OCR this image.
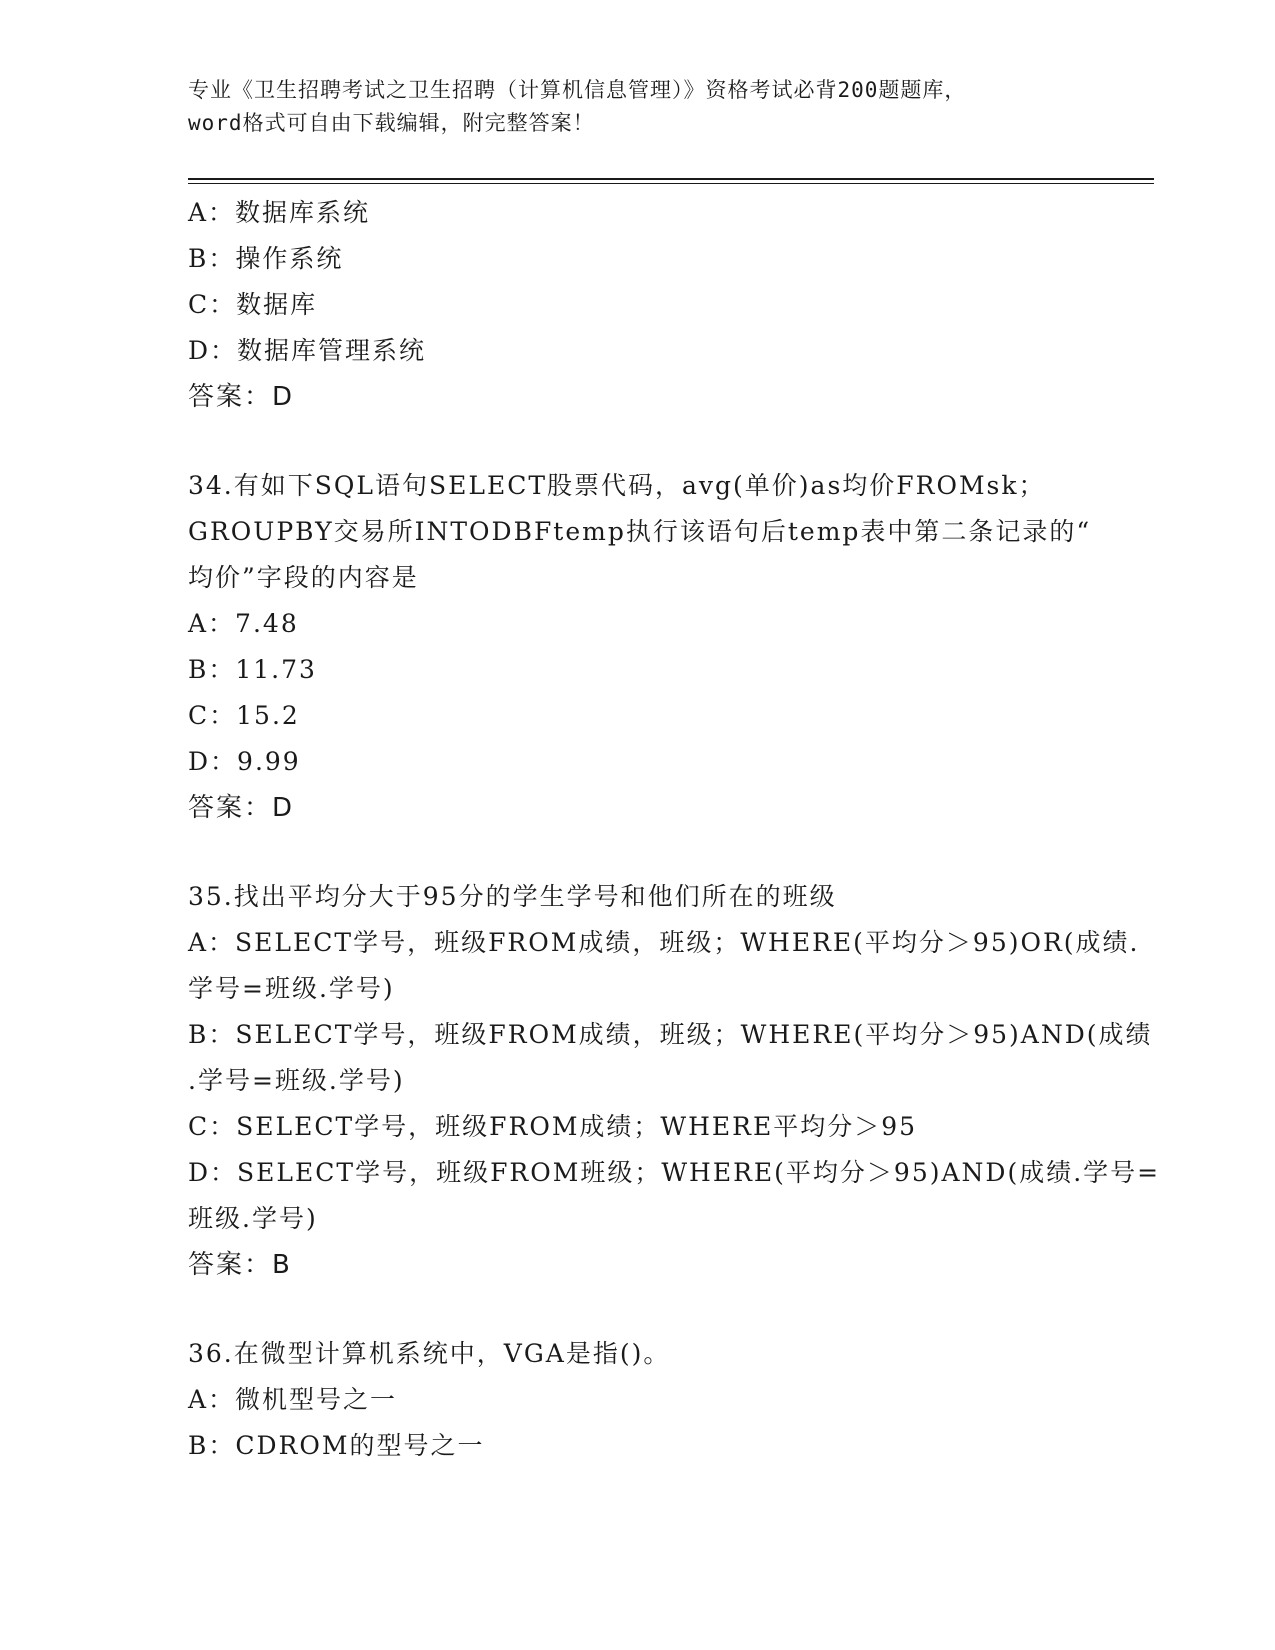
专业《卫生招聘考试之卫生招聘（计算机信息管理）》资格考试必背200题题库，
word格式可自由下载编辑，附完整答案！
A：数据库系统
B：操作系统
C：数据库
D：数据库管理系统
答案：D
34.有如下SQL语句SELECT股票代码，avg(单价)as均价FROMsk；
GROUPBY交易所INTODBFtemp执行该语句后temp表中第二条记录的“
均价”字段的内容是
A：7.48
B：11.73
C：15.2
D：9.99
答案：D
35.找出平均分大于95分的学生学号和他们所在的班级
A：SELECT学号，班级FROM成绩，班级；WHERE(平均分＞95)OR(成绩.
学号=班级.学号)
B：SELECT学号，班级FROM成绩，班级；WHERE(平均分＞95)AND(成绩
.学号=班级.学号)
C：SELECT学号，班级FROM成绩；WHERE平均分＞95
D：SELECT学号，班级FROM班级；WHERE(平均分＞95)AND(成绩.学号=
班级.学号)
答案：B
36.在微型计算机系统中，VGA是指()。
A：微机型号之一
B：CDROM的型号之一
